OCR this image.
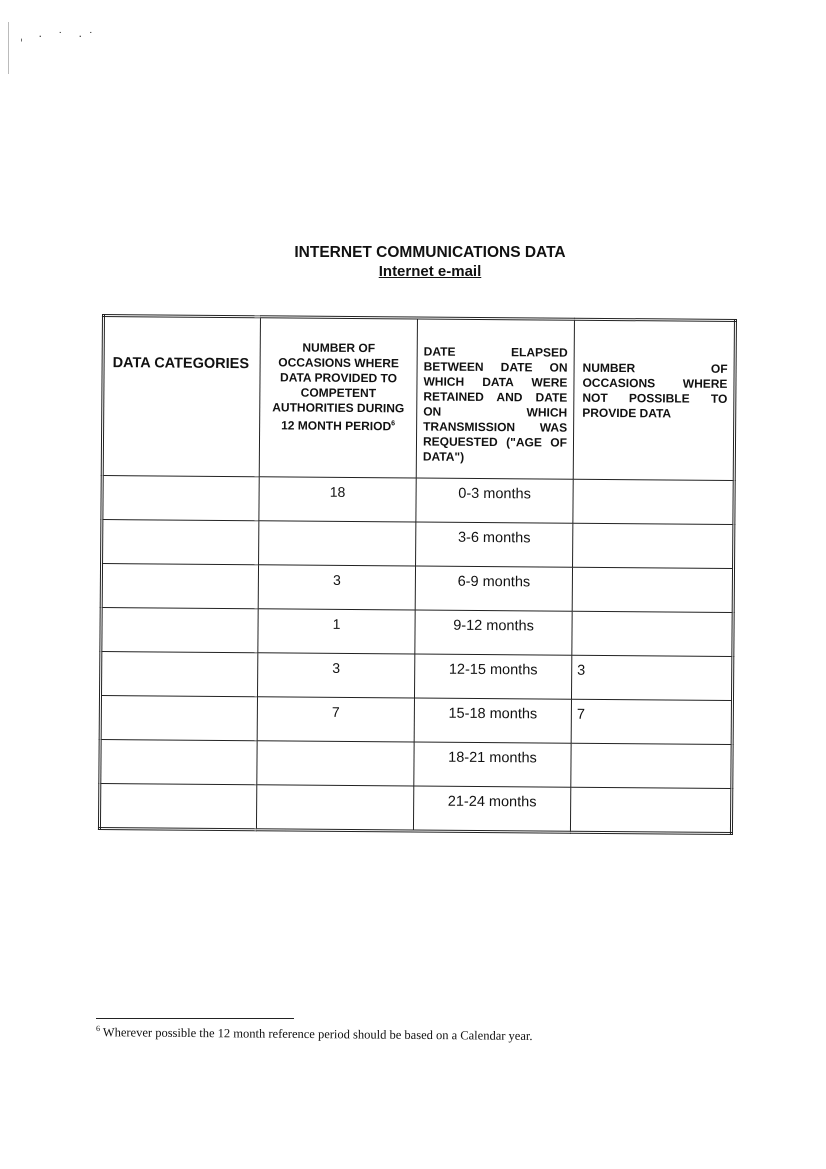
ˌ · ˙ ·˙
INTERNET COMMUNICATIONS DATA
Internet e-mail
DATA CATEGORIES	NUMBER OF OCCASIONS WHERE DATA PROVIDED TO COMPETENT AUTHORITIES DURING 12 MONTH PERIOD$^6$	DATE ELAPSED BETWEEN DATE ON WHICH DATA WERE RETAINED AND DATE ON WHICH TRANSMISSION WAS REQUESTED ("AGE OF DATA")	NUMBER OF OCCASIONS WHERE NOT POSSIBLE TO PROVIDE DATA
	18	0-3 months	
		3-6 months	
	3	6-9 months	
	1	9-12 months	
	3	12-15 months	3
	7	15-18 months	7
		18-21 months	
		21-24 months	
$^6$ Wherever possible the 12 month reference period should be based on a Calendar year.
